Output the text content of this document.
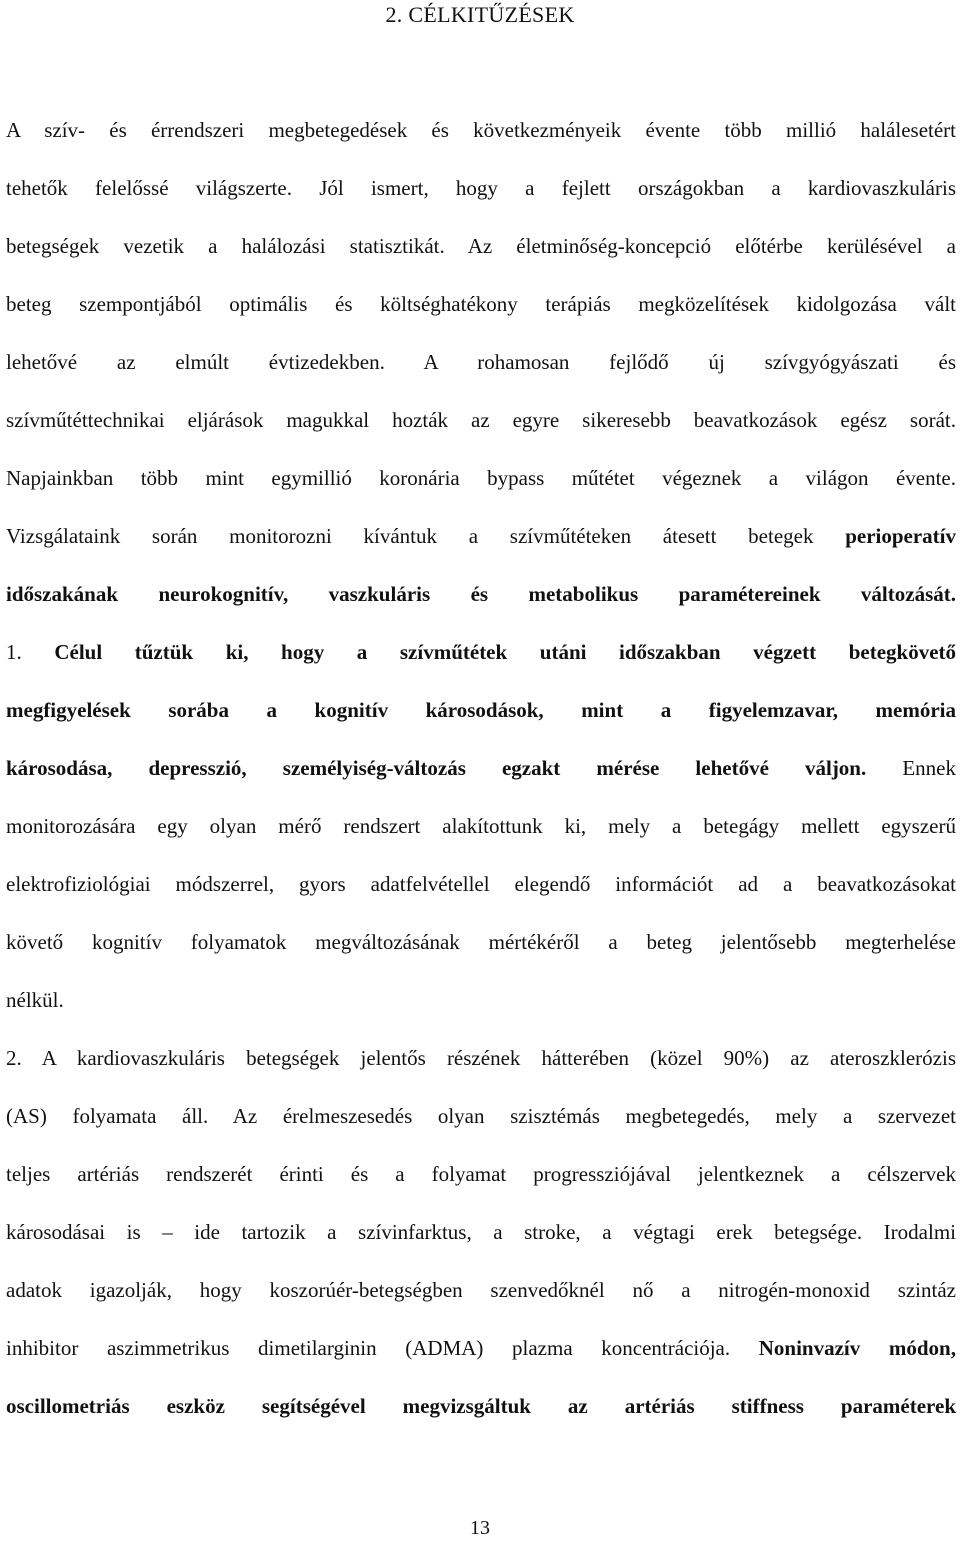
2. CÉLKITŰZÉSEK
A szív- és érrendszeri megbetegedések és következményeik évente több millió halálesetért
tehetők felelőssé világszerte. Jól ismert, hogy a fejlett országokban a kardiovaszkuláris
betegségek vezetik a halálozási statisztikát. Az életminőség-koncepció előtérbe kerülésével a
beteg szempontjából optimális és költséghatékony terápiás megközelítések kidolgozása vált
lehetővé az elmúlt évtizedekben. A rohamosan fejlődő új szívgyógyászati és
szívműtéttechnikai eljárások magukkal hozták az egyre sikeresebb beavatkozások egész sorát.
Napjainkban több mint egymillió koronária bypass műtétet végeznek a világon évente.
Vizsgálataink során monitorozni kívántuk a szívműtéteken átesett betegek perioperatív
időszakának neurokognitív, vaszkuláris és metabolikus paramétereinek változását.
1. Célul tűztük ki, hogy a szívműtétek utáni időszakban végzett betegkövető
megfigyelések sorába a kognitív károsodások, mint a figyelemzavar, memória
károsodása, depresszió, személyiség-változás egzakt mérése lehetővé váljon. Ennek
monitorozására egy olyan mérő rendszert alakítottunk ki, mely a betegágy mellett egyszerű
elektrofiziológiai módszerrel, gyors adatfelvétellel elegendő információt ad a beavatkozásokat
követő kognitív folyamatok megváltozásának mértékéről a beteg jelentősebb megterhelése
nélkül.
2. A kardiovaszkuláris betegségek jelentős részének hátterében (közel 90%) az ateroszklerózis
(AS) folyamata áll. Az érelmeszesedés olyan szisztémás megbetegedés, mely a szervezet
teljes artériás rendszerét érinti és a folyamat progressziójával jelentkeznek a célszervek
károsodásai is – ide tartozik a szívinfarktus, a stroke, a végtagi erek betegsége. Irodalmi
adatok igazolják, hogy koszorúér-betegségben szenvedőknél nő a nitrogén-monoxid szintáz
inhibitor aszimmetrikus dimetilarginin (ADMA) plazma koncentrációja. Noninvazív módon,
oscillometriás eszköz segítségével megvizsgáltuk az artériás stiffness paraméterek
13
